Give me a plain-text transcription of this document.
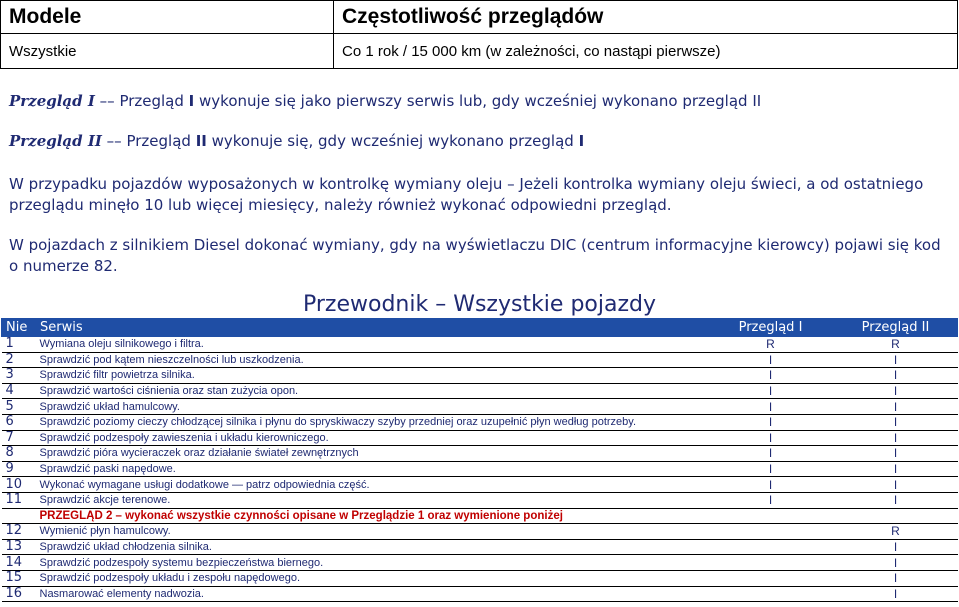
Modele	Częstotliwość przeglądów
Wszystkie	Co 1 rok / 15 000 km (w zależności, co nastąpi pierwsze)
Przegląd I –– Przegląd I wykonuje się jako pierwszy serwis lub, gdy wcześniej wykonano przegląd II
Przegląd II –– Przegląd II wykonuje się, gdy wcześniej wykonano przegląd I
W przypadku pojazdów wyposażonych w kontrolkę wymiany oleju – Jeżeli kontrolka wymiany oleju świeci, a od ostatniego przeglądu minęło 10 lub więcej miesięcy, należy również wykonać odpowiedni przegląd.
W pojazdach z silnikiem Diesel dokonać wymiany, gdy na wyświetlaczu DIC (centrum informacyjne kierowcy) pojawi się kod o numerze 82.
Przewodnik – Wszystkie pojazdy
Nie	Serwis	Przegląd I	Przegląd II
1	Wymiana oleju silnikowego i filtra.	R	R
2	Sprawdzić pod kątem nieszczelności lub uszkodzenia.	I	I
3	Sprawdzić filtr powietrza silnika.	I	I
4	Sprawdzić wartości ciśnienia oraz stan zużycia opon.	I	I
5	Sprawdzić układ hamulcowy.	I	I
6	Sprawdzić poziomy cieczy chłodzącej silnika i płynu do spryskiwaczy szyby przedniej oraz uzupełnić płyn według potrzeby.	I	I
7	Sprawdzić podzespoły zawieszenia i układu kierowniczego.	I	I
8	Sprawdzić pióra wycieraczek oraz działanie świateł zewnętrznych	I	I
9	Sprawdzić paski napędowe.	I	I
10	Wykonać wymagane usługi dodatkowe — patrz odpowiednia część.	I	I
11	Sprawdzić akcje terenowe.	I	I
	PRZEGLĄD 2 – wykonać wszystkie czynności opisane w Przeglądzie 1 oraz wymienione poniżej		
12	Wymienić płyn hamulcowy.		R
13	Sprawdzić układ chłodzenia silnika.		I
14	Sprawdzić podzespoły systemu bezpieczeństwa biernego.		I
15	Sprawdzić podzespoły układu i zespołu napędowego.		I
16	Nasmarować elementy nadwozia.		I
